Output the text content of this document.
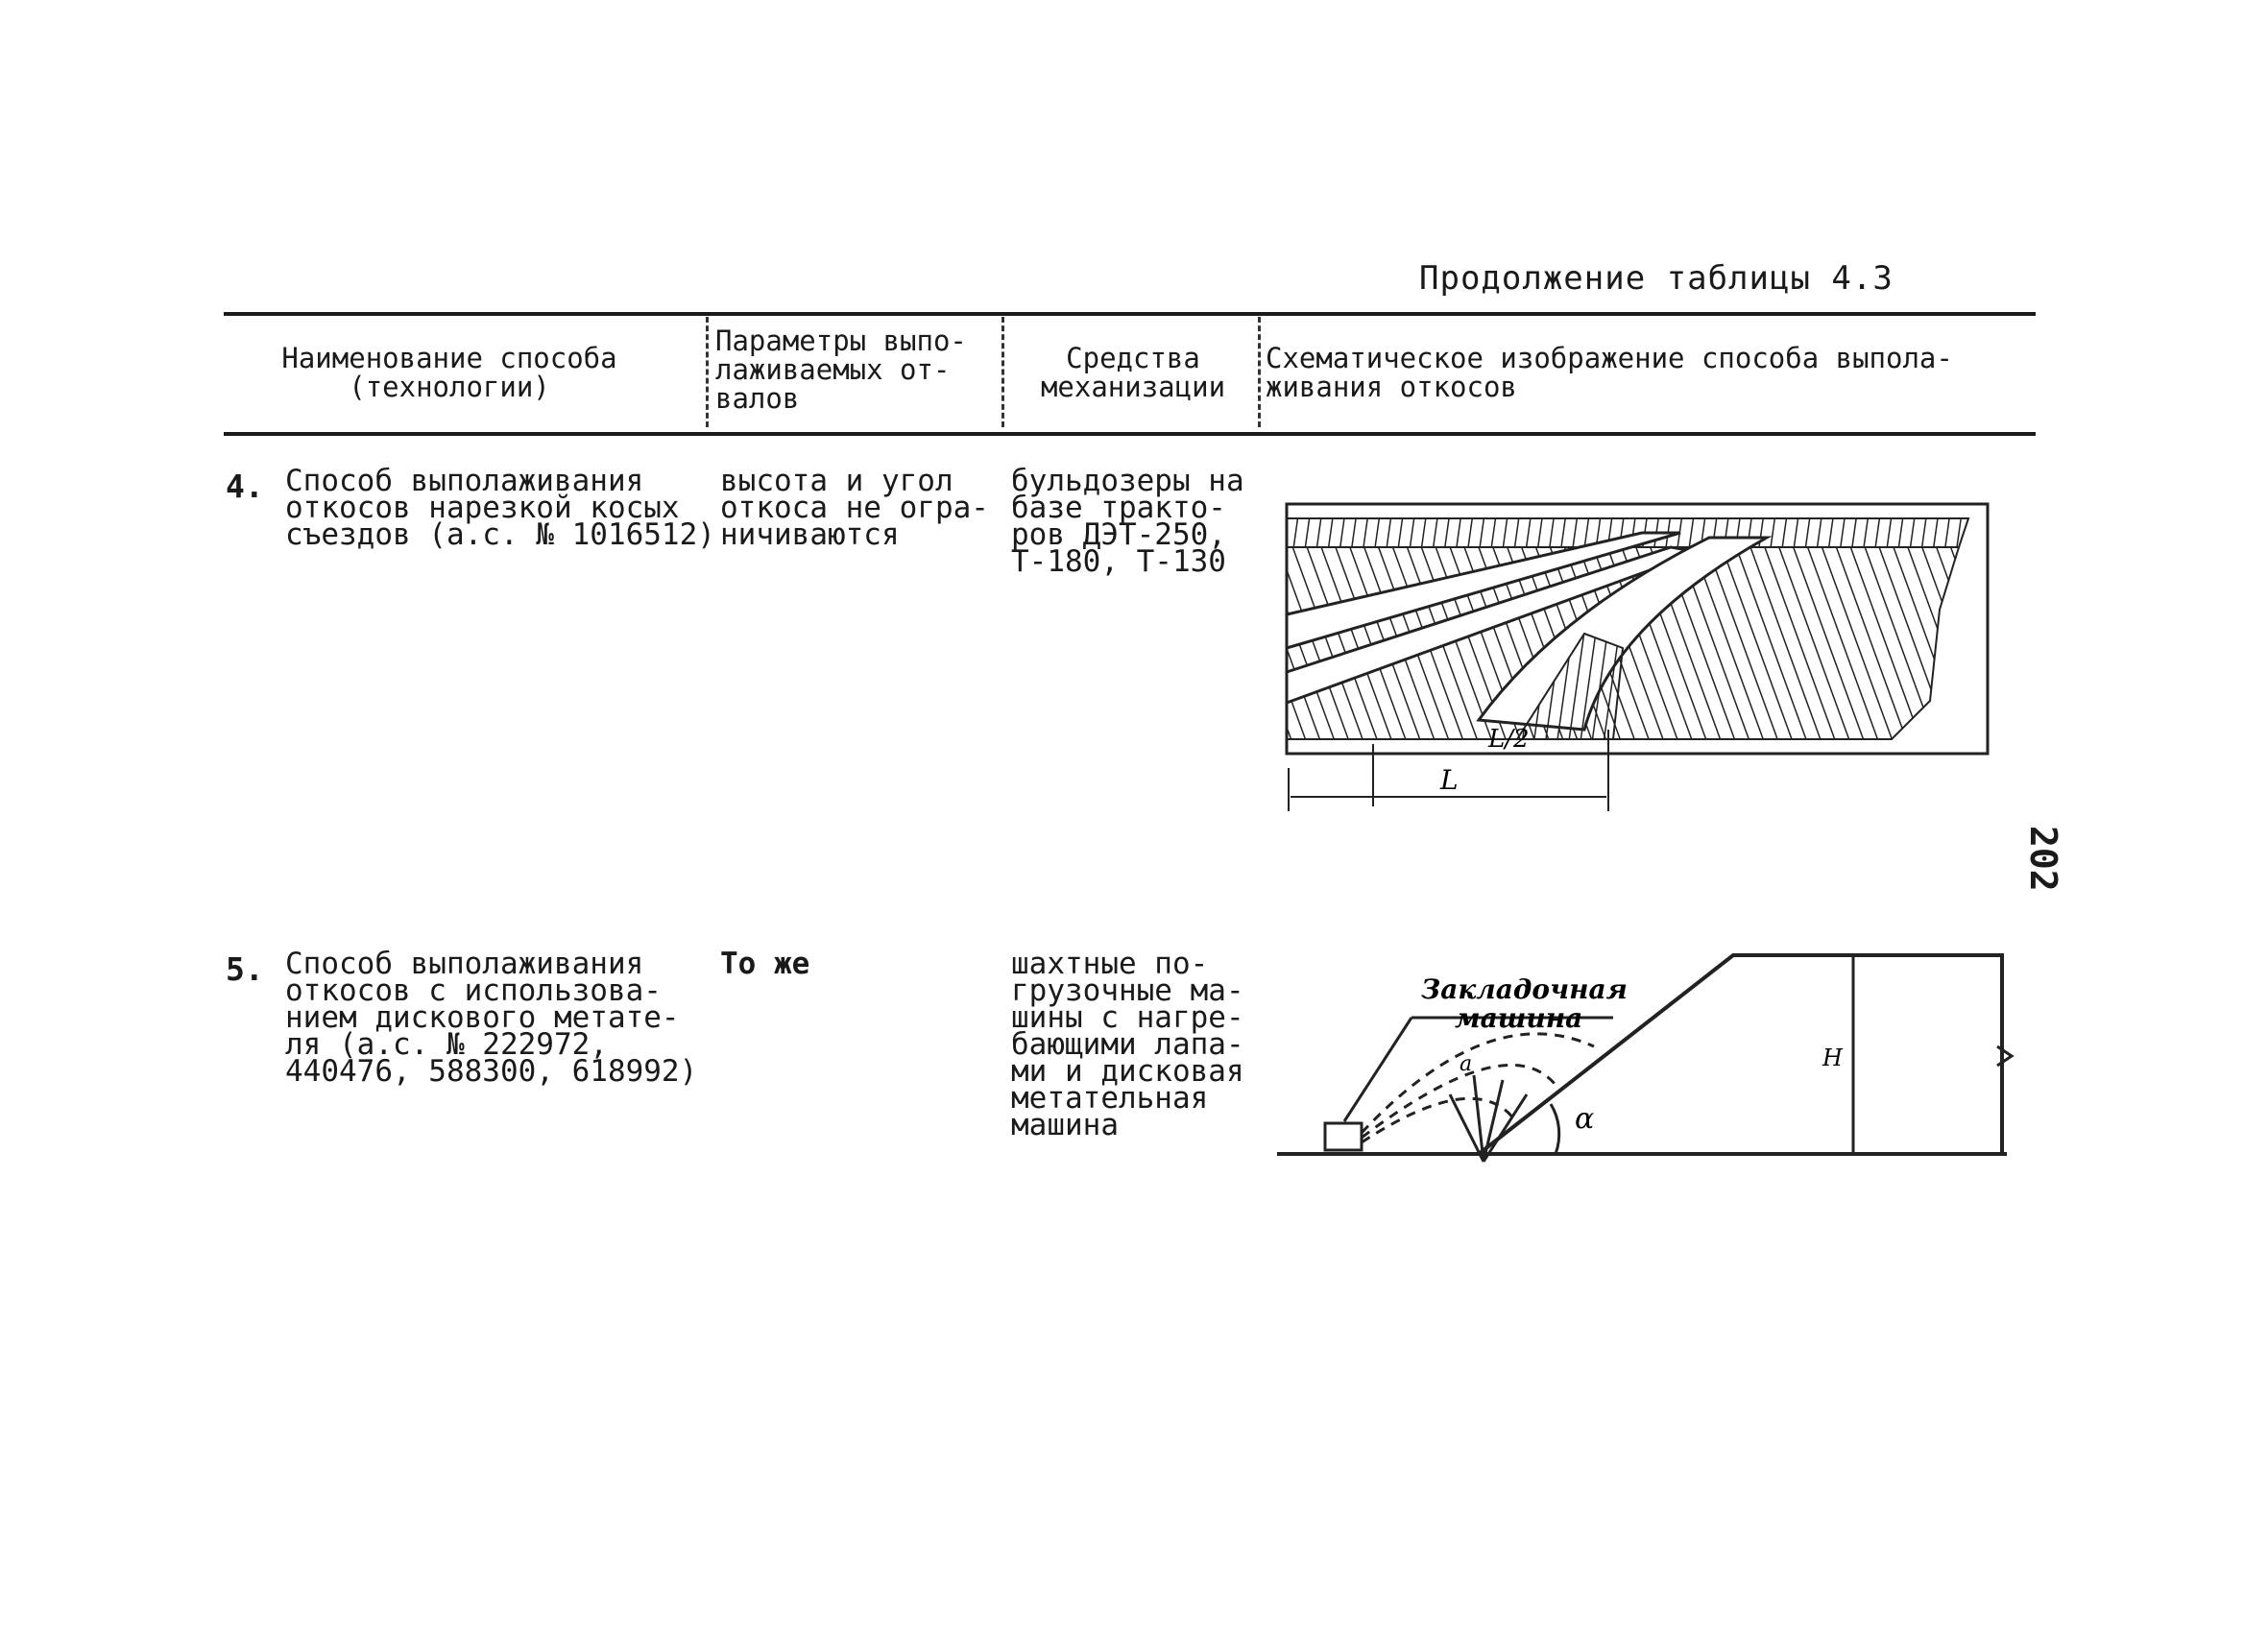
Продолжение таблицы 4.3
Наименование способа
(технологии)
Параметры выпо-
лаживаемых от-
валов
Средства
механизации
Схематическое изображение способа выпола-
живания откосов
4. Способ выполаживания
откосов нарезкой косых
съездов (а.с. № 1016512)
высота и угол
откоса не огра-
ничиваются
бульдозеры на
базе тракто-
ров ДЭТ-250,
Т-180, Т-130
L/2
L
5. Способ выполаживания
откосов с использова-
нием дискового метате-
ля (а.с. № 222972,
440476, 588300, 618992)
То же	шахтные по-
грузочные ма-
шины с нагре-
бающими лапа-
ми и дисковая
метательная
машина
H
α
Закладочная машина
a
202
